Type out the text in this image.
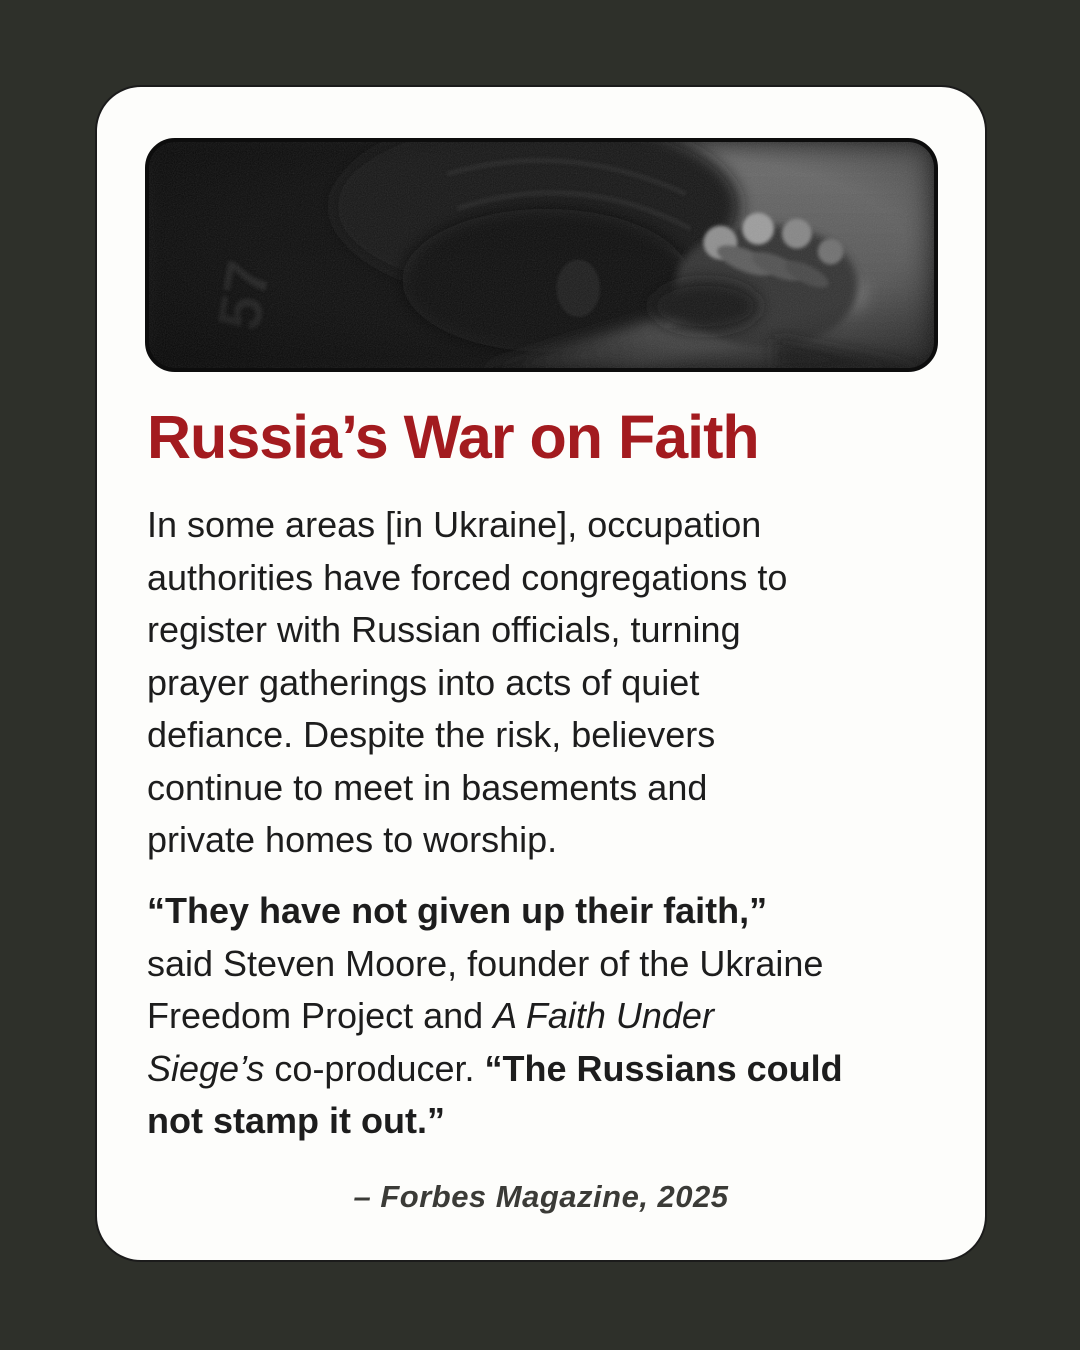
Russia’s War on Faith
In some areas [in Ukraine], occupation
authorities have forced congregations to
register with Russian officials, turning
prayer gatherings into acts of quiet
defiance. Despite the risk, believers
continue to meet in basements and
private homes to worship.
“They have not given up their faith,”
said Steven Moore, founder of the Ukraine
Freedom Project and A Faith Under
Siege’s co-producer. “The Russians could
not stamp it out.”
– Forbes Magazine, 2025
